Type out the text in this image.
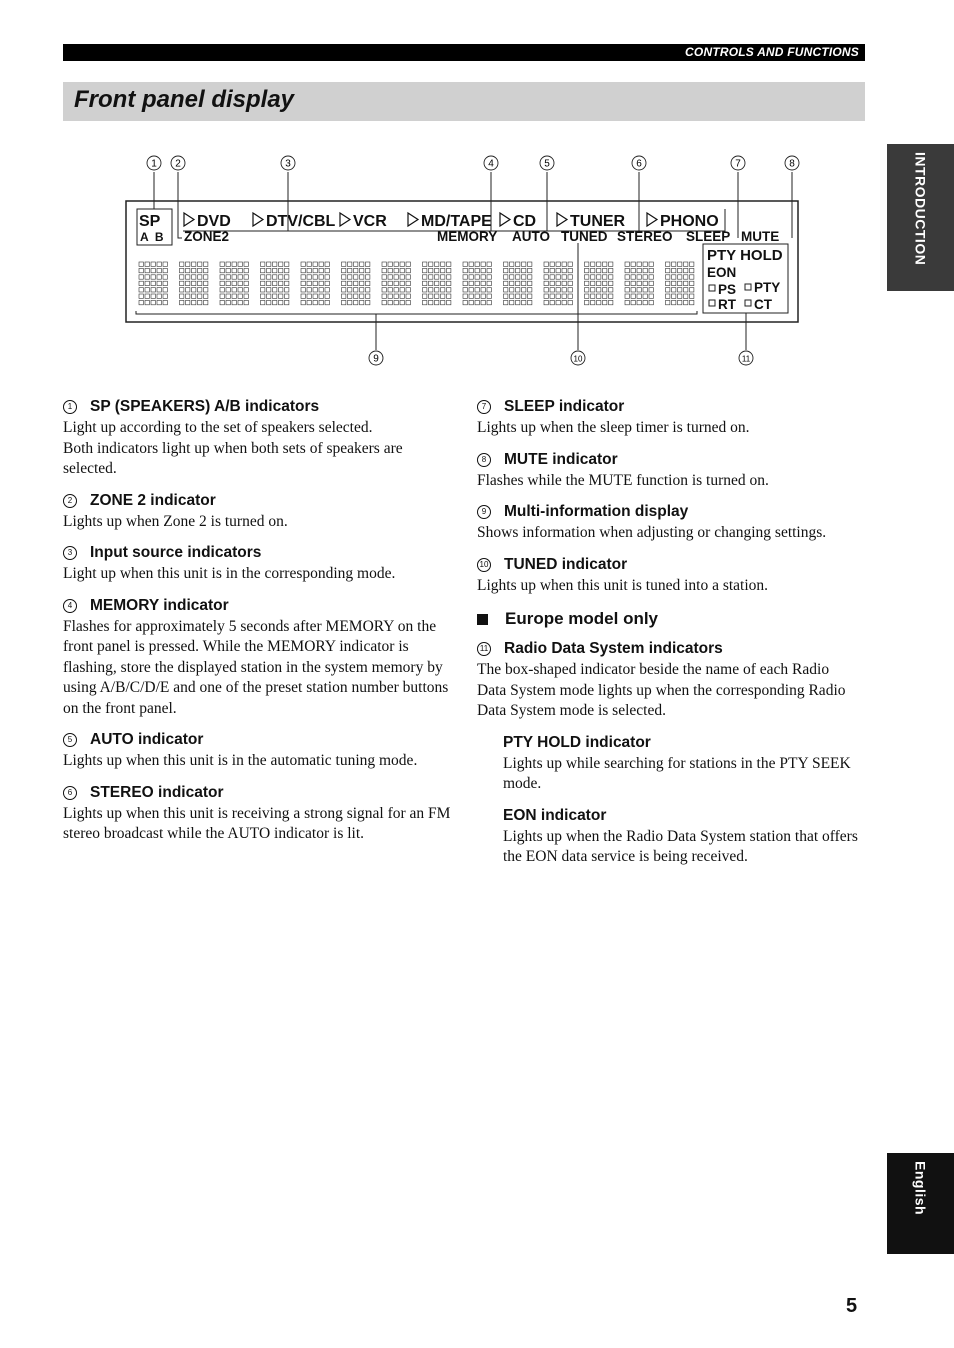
CONTROLS AND FUNCTIONS
Front panel display
INTRODUCTION
English
SP
A  B ZONE2
DVD DTV/CBL VCR MD/TAPE CD TUNER PHONO
MEMORY AUTO TUNED STEREO SLEEP MUTE
PTY HOLD
EON
PS PTY
RT CT
1 2	3	4	5	6	7	8
9	10	11
1	SP (SPEAKERS) A/B indicators
Light up according to the set of speakers selected.
Both indicators light up when both sets of speakers are selected.
2	ZONE 2 indicator
Lights up when Zone 2 is turned on.
3	Input source indicators
Light up when this unit is in the corresponding mode.
4	MEMORY indicator
Flashes for approximately 5 seconds after MEMORY on the front panel is pressed. While the MEMORY indicator is flashing, store the displayed station in the system memory by using A/B/C/D/E and one of the preset station number buttons on the front panel.
5	AUTO indicator
Lights up when this unit is in the automatic tuning mode.
6	STEREO indicator
Lights up when this unit is receiving a strong signal for an FM stereo broadcast while the AUTO indicator is lit.
7	SLEEP indicator
Lights up when the sleep timer is turned on.
8	MUTE indicator
Flashes while the MUTE function is turned on.
9	Multi-information display
Shows information when adjusting or changing settings.
10 TUNED indicator
Lights up when this unit is tuned into a station.
Europe model only
11 Radio Data System indicators
The box-shaped indicator beside the name of each Radio Data System mode lights up when the corresponding Radio Data System mode is selected.
PTY HOLD indicator
Lights up while searching for stations in the PTY SEEK mode.
EON indicator
Lights up when the Radio Data System station that offers the EON data service is being received.
5
